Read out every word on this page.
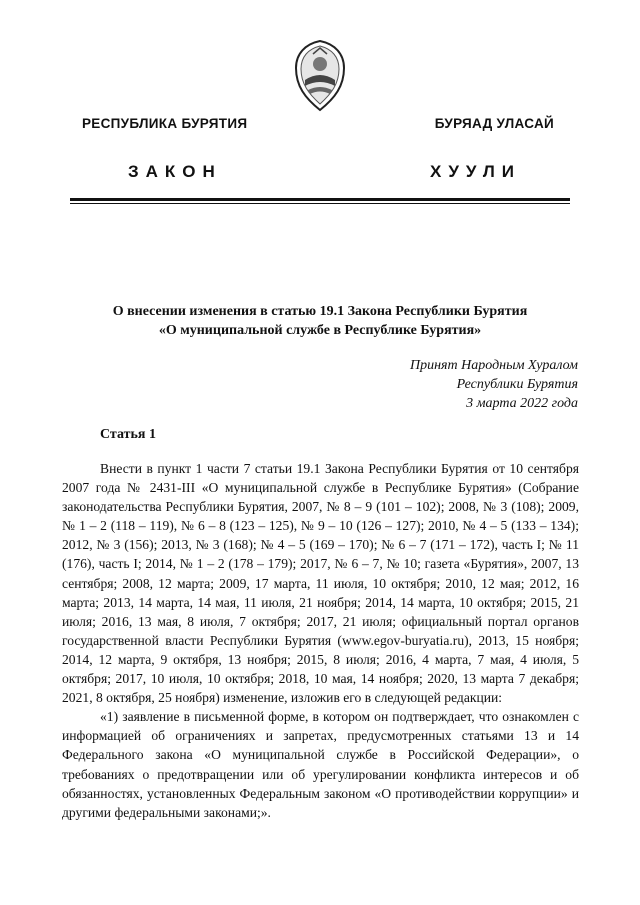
РЕСПУБЛИКА БУРЯТИЯ	БУРЯАД УЛАСАЙ
ЗАКОН	ХУУЛИ
О внесении изменения в статью 19.1 Закона Республики Бурятия
«О муниципальной службе в Республике Бурятия»
Принят Народным Хуралом
Республики Бурятия
3 марта 2022 года
Статья 1

Внести в пункт 1 части 7 статьи 19.1 Закона Республики Бурятия от 10 сентября 2007 года № 2431-III «О муниципальной службе в Республике Бурятия» (Собрание законодательства Республики Бурятия, 2007, № 8 – 9 (101 – 102); 2008, № 3 (108); 2009, № 1 – 2 (118 – 119), № 6 – 8 (123 – 125), № 9 – 10 (126 – 127); 2010, № 4 – 5 (133 – 134); 2012, № 3 (156); 2013, № 3 (168); № 4 – 5 (169 – 170); № 6 – 7 (171 – 172), часть I; № 11 (176), часть I; 2014, № 1 – 2 (178 – 179); 2017, № 6 – 7, № 10; газета «Бурятия», 2007, 13 сентября; 2008, 12 марта; 2009, 17 марта, 11 июля, 10 октября; 2010, 12 мая; 2012, 16 марта; 2013, 14 марта, 14 мая, 11 июля, 21 ноября; 2014, 14 марта, 10 октября; 2015, 21 июля; 2016, 13 мая, 8 июля, 7 октября; 2017, 21 июля; официальный портал органов государственной власти Республики Бурятия (www.egov-buryatia.ru), 2013, 15 ноября; 2014, 12 марта, 9 октября, 13 ноября; 2015, 8 июля; 2016, 4 марта, 7 мая, 4 июля, 5 октября; 2017, 10 июля, 10 октября; 2018, 10 мая, 14 ноября; 2020, 13 марта 7 декабря; 2021, 8 октября, 25 ноября) изменение, изложив его в следующей редакции:

«1) заявление в письменной форме, в котором он подтверждает, что ознакомлен с информацией об ограничениях и запретах, предусмотренных статьями 13 и 14 Федерального закона «О муниципальной службе в Российской Федерации», о требованиях о предотвращении или об урегулировании конфликта интересов и об обязанностях, установленных Федеральным законом «О противодействии коррупции» и другими федеральными законами;».
